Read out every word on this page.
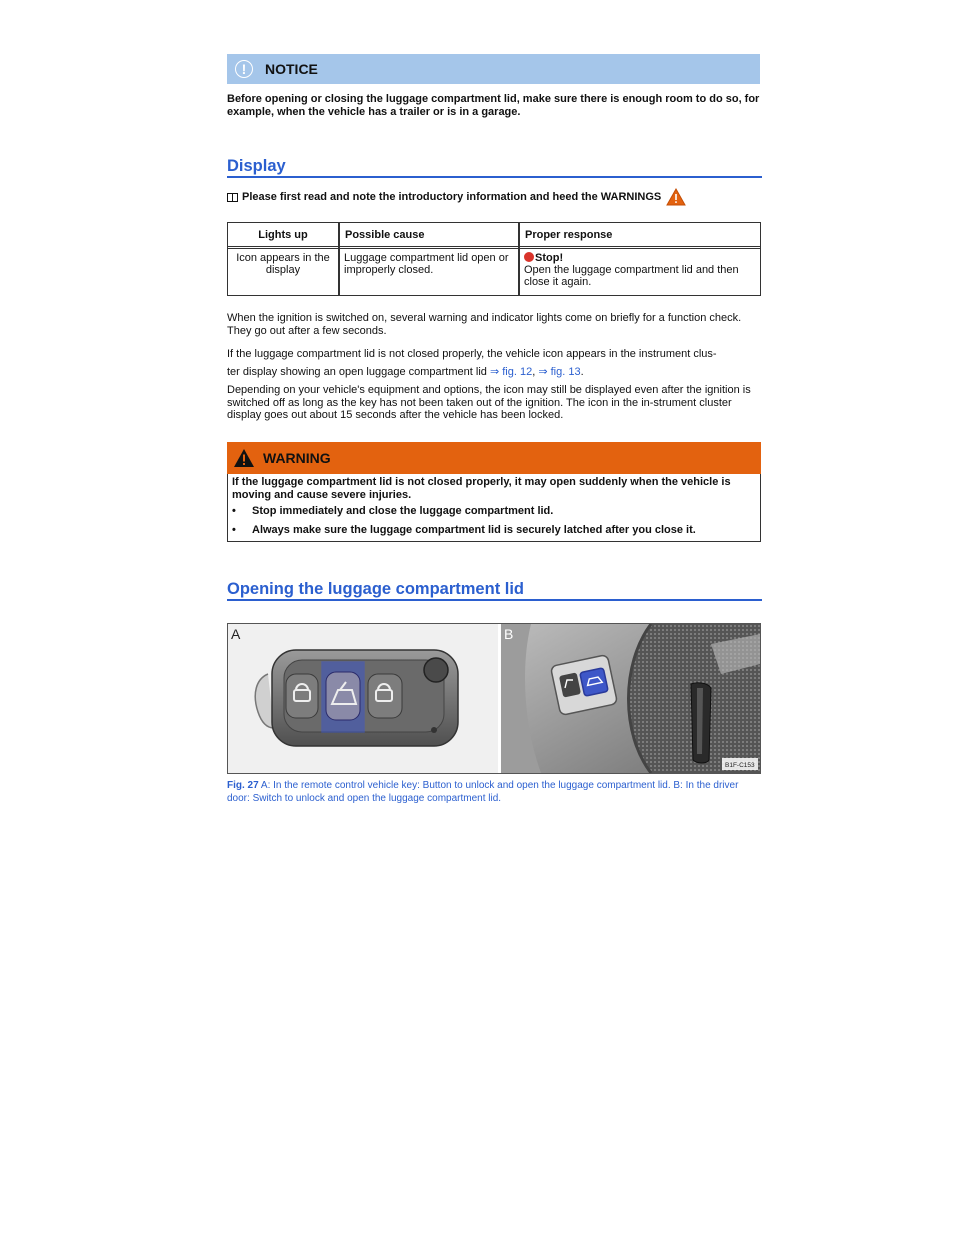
!	NOTICE
Before opening or closing the luggage compartment lid, make sure there is enough room to do so, for example, when the vehicle has a trailer or is in a garage.
Display
Please first read and note the introductory information and heed the WARNINGS
Lights up	Possible cause	Proper response

Icon appears in the display	Luggage compartment lid open or improperly closed.	Stop!
Open the luggage compartment lid and then close it again.
When the ignition is switched on, several warning and indicator lights come on briefly for a function check. They go out after a few seconds.
If the luggage compartment lid is not closed properly, the vehicle icon appears in the instrument clus-
ter display showing an open luggage compartment lid ⇒ fig. 12, ⇒ fig. 13.
Depending on your vehicle's equipment and options, the icon may still be displayed even after the ignition is switched off as long as the key has not been taken out of the ignition. The icon in the in-strument cluster display goes out about 15 seconds after the vehicle has been locked.
WARNING
If the luggage compartment lid is not closed properly, it may open suddenly when the vehicle is moving and cause severe injuries.
•	Stop immediately and close the luggage compartment lid.
•	Always make sure the luggage compartment lid is securely latched after you close it.
Opening the luggage compartment lid
A
B1F-C153
B
Fig. 27 A: In the remote control vehicle key: Button to unlock and open the luggage compartment lid. B: In the driver door: Switch to unlock and open the luggage compartment lid.
